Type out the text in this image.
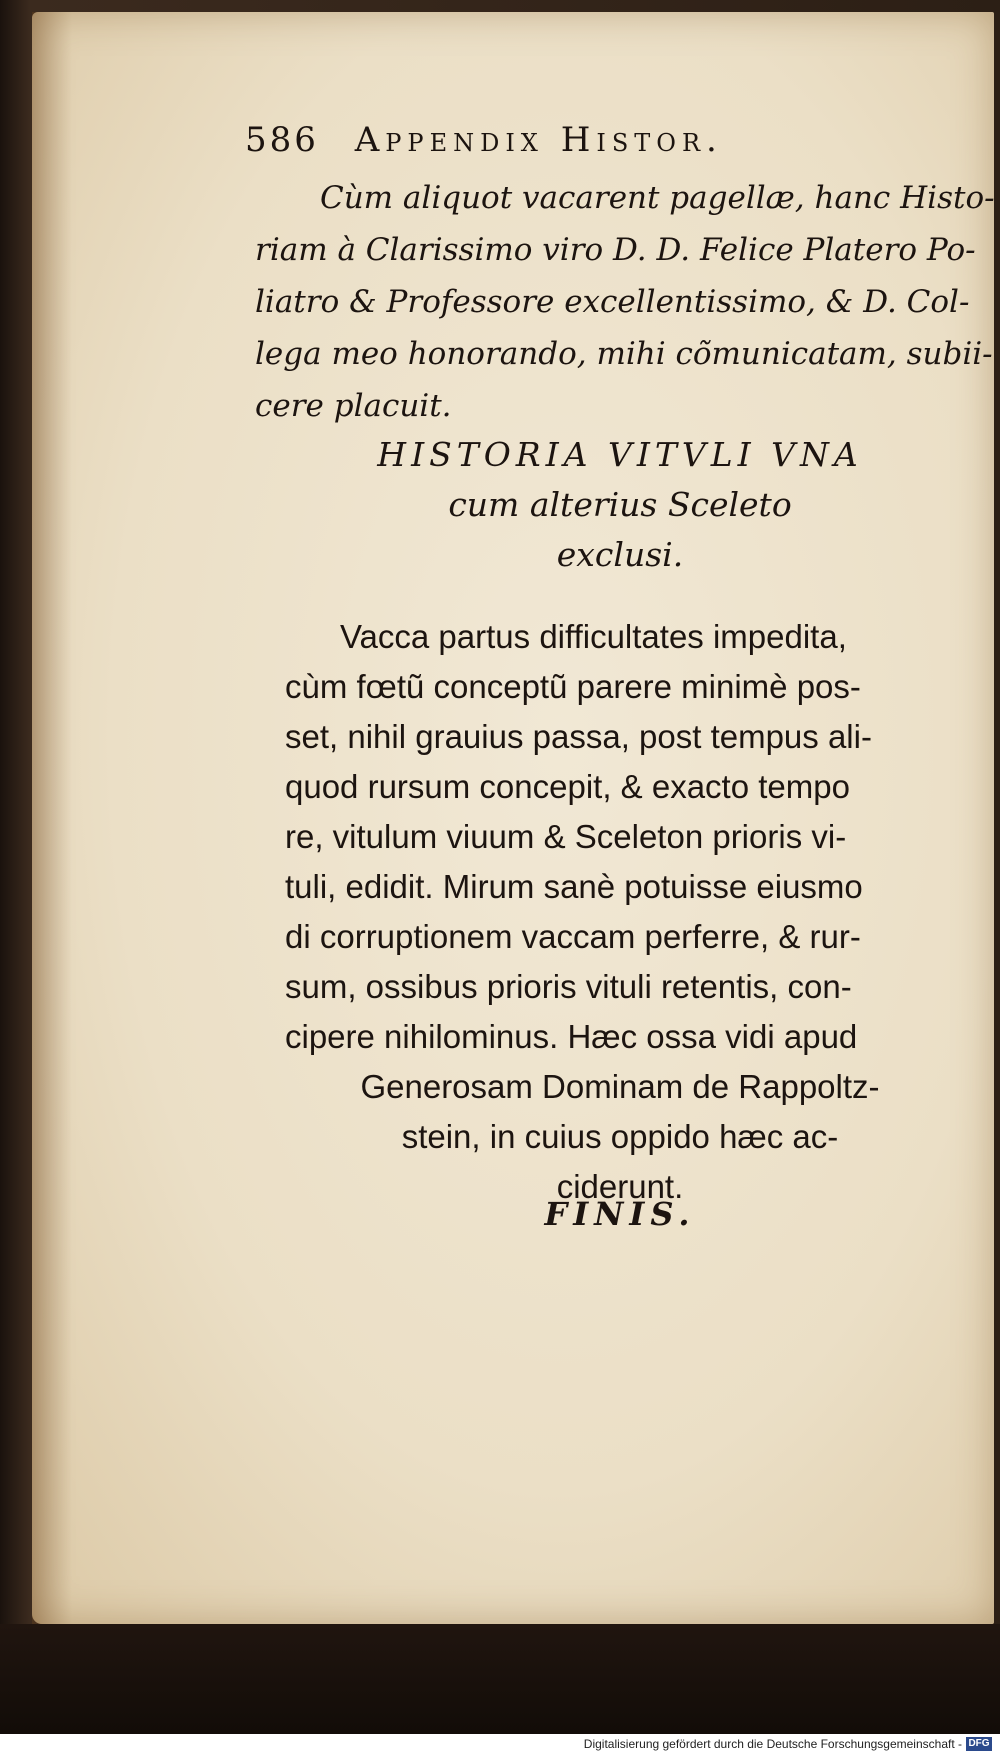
586 Appendix Histor.
Cùm aliquot vacarent pagellæ, hanc Histo-
riam à Clarissimo viro D. D. Felice Platero Po-
liatro & Professore excellentissimo, & D. Col-
lega meo honorando, mihi cõmunicatam, subii-
cere placuit.
HISTORIA VITVLI VNA
cum alterius Sceleto
exclusi.
Vacca partus difficultates impedita,
cùm fœtũ conceptũ parere minimè pos-
set, nihil grauius passa, post tempus ali-
quod rursum concepit, & exacto tempo
re, vitulum viuum & Sceleton prioris vi-
tuli, edidit. Mirum sanè potuisse eiusmo
di corruptionem vaccam perferre, & rur-
sum, ossibus prioris vituli retentis, con-
cipere nihilominus. Hæc ossa vidi apud
Generosam Dominam de Rappoltz-
stein, in cuius oppido hæc ac-
ciderunt.
FINIS.
Digitalisierung gefördert durch die Deutsche Forschungsgemeinschaft - DFG
